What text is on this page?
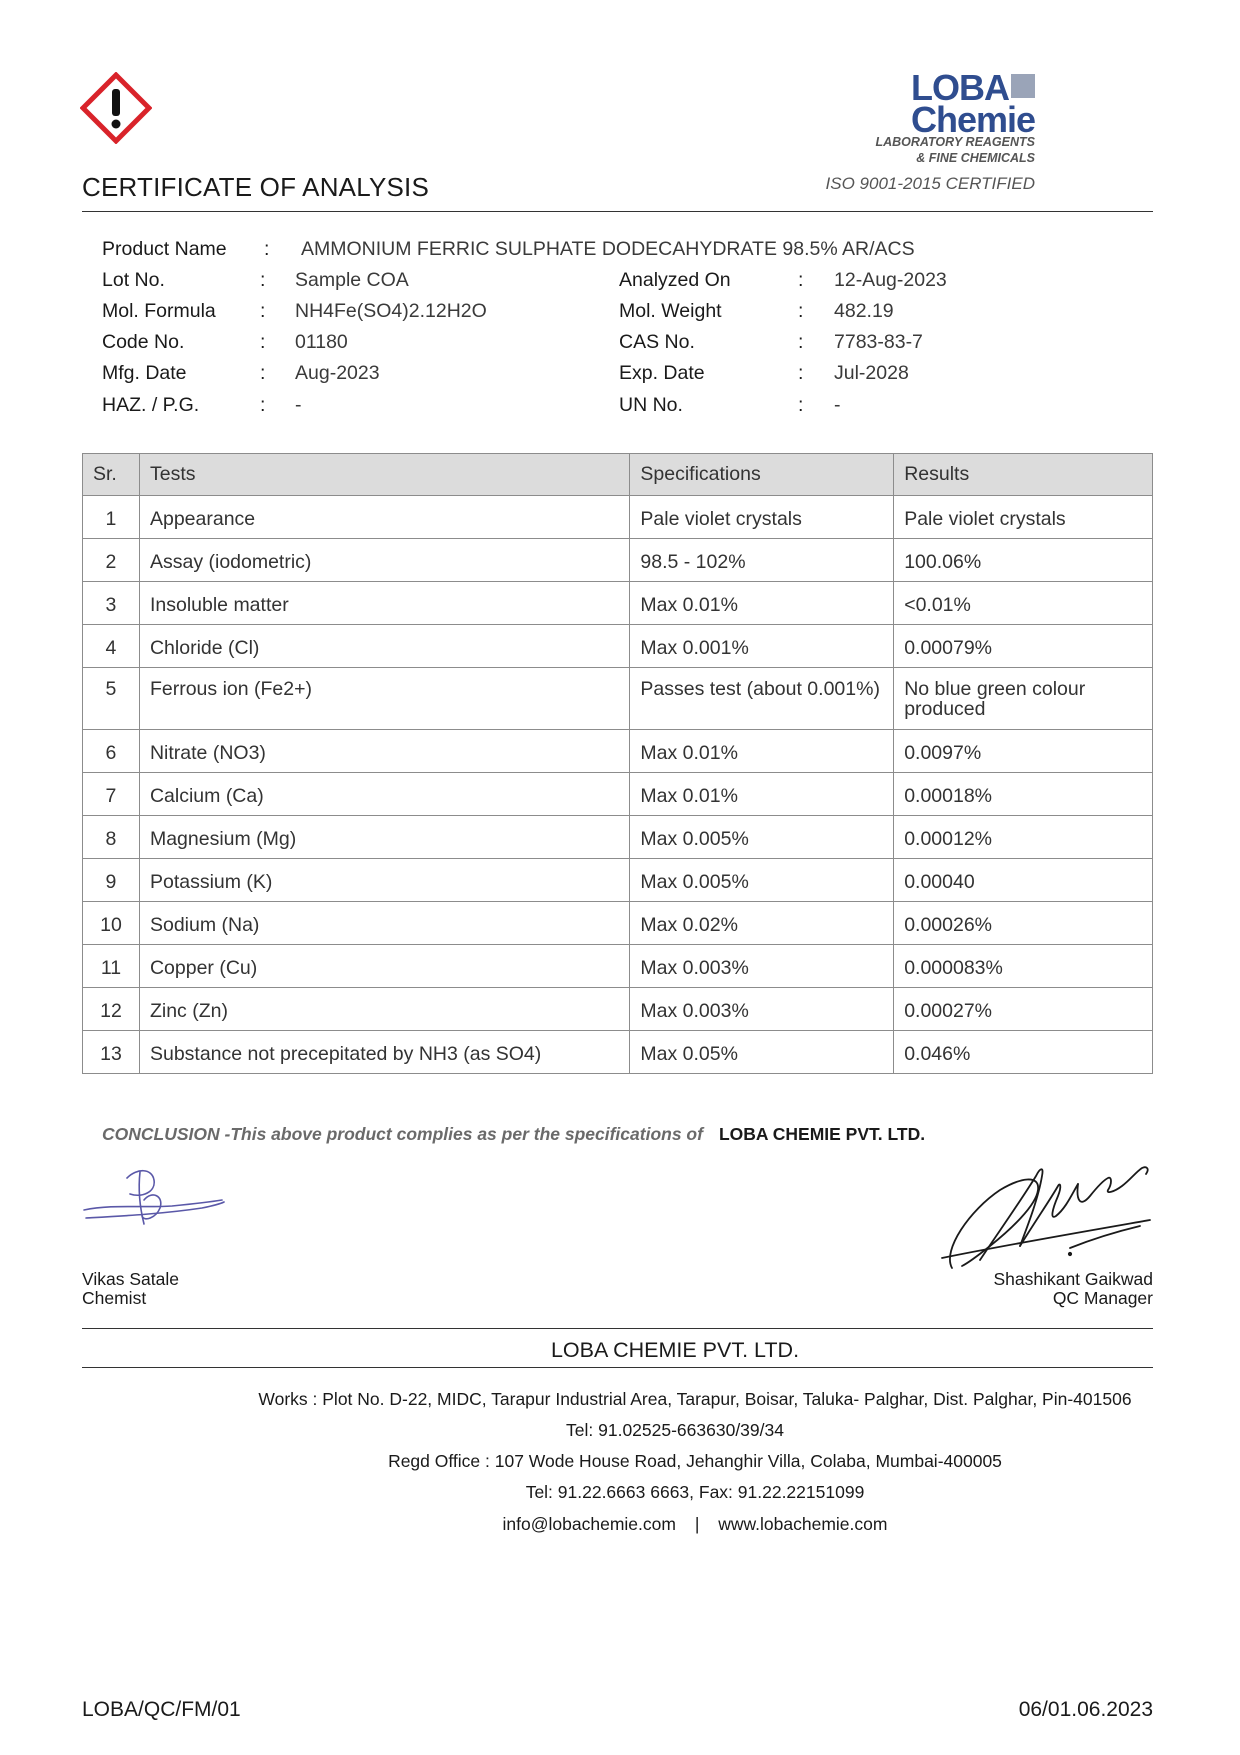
LOBA
Chemie
LABORATORY REAGENTS
& FINE CHEMICALS
ISO 9001-2015 CERTIFIED
CERTIFICATE OF ANALYSIS
Product Name : AMMONIUM FERRIC SULPHATE DODECAHYDRATE 98.5% AR/ACS
Lot No.	: Sample COA	Analyzed On	: 12-Aug-2023
Mol. Formula : NH4Fe(SO4)2.12H2O	Mol. Weight	: 482.19
Code No.	: 01180	CAS No.	: 7783-83-7
Mfg. Date	: Aug-2023	Exp. Date	: Jul-2028
HAZ. / P.G.	: -	UN No.	: -
Sr.	Tests	Specifications	Results
1	Appearance	Pale violet crystals	Pale violet crystals
2	Assay (iodometric)	98.5 - 102%	100.06%
3	Insoluble matter	Max 0.01%	<0.01%
4	Chloride (Cl)	Max 0.001%	0.00079%
5	Ferrous ion (Fe2+)	Passes test (about 0.001%)	No blue green colour produced
6	Nitrate (NO3)	Max 0.01%	0.0097%
7	Calcium (Ca)	Max 0.01%	0.00018%
8	Magnesium (Mg)	Max 0.005%	0.00012%
9	Potassium (K)	Max 0.005%	0.00040
10	Sodium (Na)	Max 0.02%	0.00026%
11	Copper (Cu)	Max 0.003%	0.000083%
12	Zinc (Zn)	Max 0.003%	0.00027%
13	Substance not precepitated by NH3 (as SO4)	Max 0.05%	0.046%
CONCLUSION -This above product complies as per the specifications of LOBA CHEMIE PVT. LTD.
Vikas Satale
Chemist
Shashikant Gaikwad
QC Manager
LOBA CHEMIE PVT. LTD.
Works : Plot No. D-22, MIDC, Tarapur Industrial Area, Tarapur, Boisar, Taluka- Palghar, Dist. Palghar, Pin-401506
Tel: 91.02525-663630/39/34
Regd Office : 107 Wode House Road, Jehanghir Villa, Colaba, Mumbai-400005
Tel: 91.22.6663 6663, Fax: 91.22.22151099
info@lobachemie.com | www.lobachemie.com
LOBA/QC/FM/01	06/01.06.2023
